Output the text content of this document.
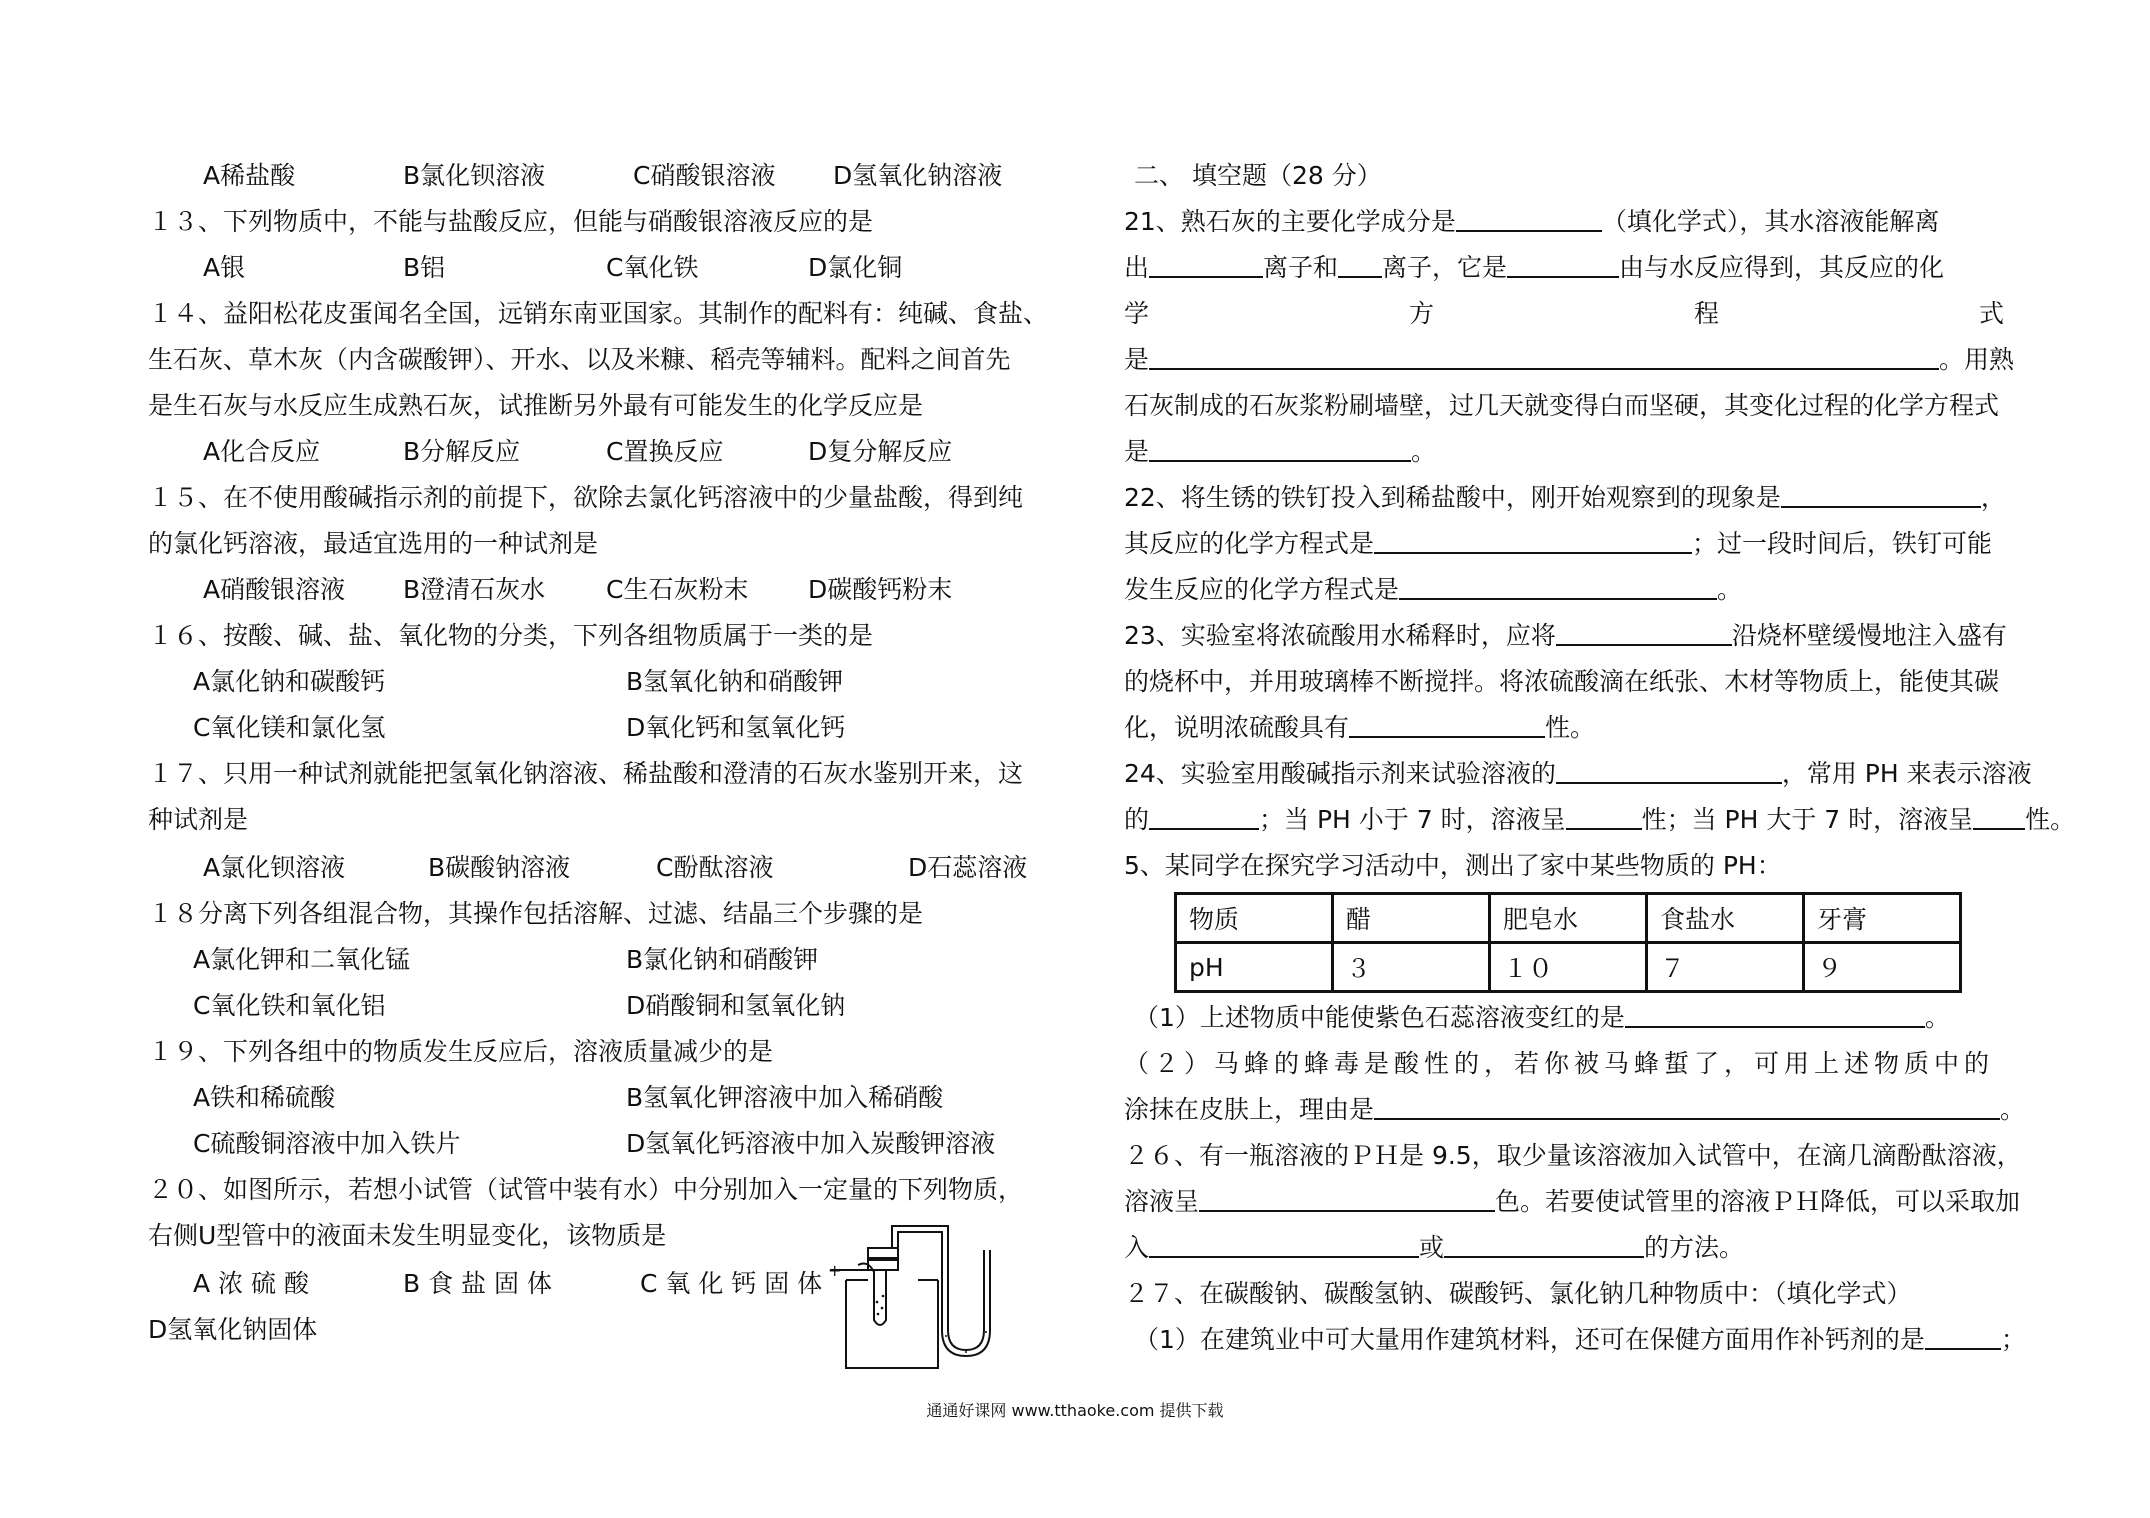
A稀盐酸	B氯化钡溶液	C硝酸银溶液 D氢氧化钠溶液
１３、下列物质中，不能与盐酸反应，但能与硝酸银溶液反应的是
A银	B铝	C氧化铁	D氯化铜
１４、益阳松花皮蛋闻名全国，远销东南亚国家。其制作的配料有：纯碱、食盐、
生石灰、草木灰（内含碳酸钾）、开水、以及米糠、稻壳等辅料。配料之间首先
是生石灰与水反应生成熟石灰，试推断另外最有可能发生的化学反应是
A化合反应	B分解反应	C置换反应	D复分解反应
１５、在不使用酸碱指示剂的前提下，欲除去氯化钙溶液中的少量盐酸，得到纯
的氯化钙溶液，最适宜选用的一种试剂是
A硝酸银溶液 B澄清石灰水 C生石灰粉末 D碳酸钙粉末
１６、按酸、碱、盐、氧化物的分类，下列各组物质属于一类的是
A氯化钠和碳酸钙	B氢氧化钠和硝酸钾
C氧化镁和氯化氢	D氧化钙和氢氧化钙
１７、只用一种试剂就能把氢氧化钠溶液、稀盐酸和澄清的石灰水鉴别开来，这
种试剂是
A氯化钡溶液	B碳酸钠溶液	C酚酞溶液	D石蕊溶液
１８分离下列各组混合物，其操作包括溶解、过滤、结晶三个步骤的是
A氯化钾和二氧化锰	B氯化钠和硝酸钾
C氧化铁和氧化铝	D硝酸铜和氢氧化钠
１９、下列各组中的物质发生反应后，溶液质量减少的是
A铁和稀硫酸	B氢氧化钾溶液中加入稀硝酸
C硫酸铜溶液中加入铁片	D氢氧化钙溶液中加入炭酸钾溶液
２０、如图所示，若想小试管（试管中装有水）中分别加入一定量的下列物质，
右侧U型管中的液面未发生明显变化，该物质是
A 浓 硫 酸	B 食 盐 固 体	C 氧 化 钙 固 体
D氢氧化钠固体
+
二、 填空题（28 分）
21、熟石灰的主要化学成分是	（填化学式），其水溶液能解离
出	离子和 离子，它是	由与水反应得到，其反应的化
学	方	程	式
是	。用熟
石灰制成的石灰浆粉刷墙壁，过几天就变得白而坚硬，其变化过程的化学方程式
是	。
22、将生锈的铁钉投入到稀盐酸中，刚开始观察到的现象是	，
其反应的化学方程式是	；过一段时间后，铁钉可能
发生反应的化学方程式是	。
23、实验室将浓硫酸用水稀释时，应将	沿烧杯壁缓慢地注入盛有
的烧杯中，并用玻璃棒不断搅拌。将浓硫酸滴在纸张、木材等物质上，能使其碳
化，说明浓硫酸具有	性。
24、实验室用酸碱指示剂来试验溶液的	，常用 PH 来表示溶液
的	；当 PH 小于 7 时，溶液呈	性；当 PH 大于 7 时，溶液呈 性。
5、某同学在探究学习活动中，测出了家中某些物质的 PH：
物质	醋	肥皂水	食盐水	牙膏
pH	３	１０	７	９
（1）上述物质中能使紫色石蕊溶液变红的是	。
（２）马蜂的蜂毒是酸性的，若你被马蜂蜇了，可用上述物质中的
涂抹在皮肤上，理由是	。
２６、有一瓶溶液的ＰＨ是 9.5，取少量该溶液加入试管中，在滴几滴酚酞溶液，
溶液呈	色。若要使试管里的溶液ＰＨ降低，可以采取加
入	或	的方法。
２７、在碳酸钠、碳酸氢钠、碳酸钙、氯化钠几种物质中：（填化学式）
（1）在建筑业中可大量用作建筑材料，还可在保健方面用作补钙剂的是	；
通通好课网 www.tthaoke.com 提供下载
